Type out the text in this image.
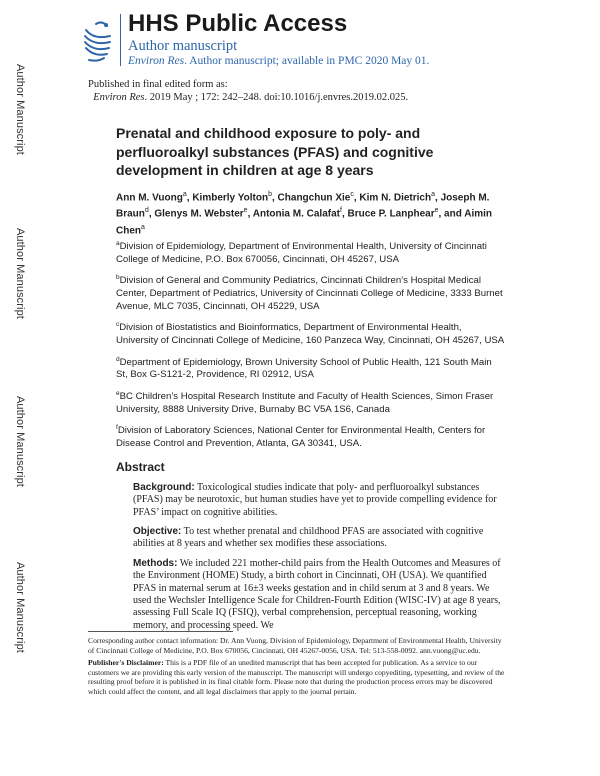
Author Manuscript
Author Manuscript
Author Manuscript
Author Manuscript
HHS Public Access
Author manuscript
Environ Res. Author manuscript; available in PMC 2020 May 01.
Published in final edited form as:
Environ Res. 2019 May ; 172: 242–248. doi:10.1016/j.envres.2019.02.025.
Prenatal and childhood exposure to poly- and perfluoroalkyl substances (PFAS) and cognitive development in children at age 8 years
Ann M. Vuong$^a$, Kimberly Yolton$^b$, Changchun Xie$^c$, Kim N. Dietrich$^a$, Joseph M. Braun$^d$, Glenys M. Webster$^e$, Antonia M. Calafat$^f$, Bruce P. Lanphear$^e$, and Aimin Chen$^a$
$^a$Division of Epidemiology, Department of Environmental Health, University of Cincinnati College of Medicine, P.O. Box 670056, Cincinnati, OH 45267, USA
$^b$Division of General and Community Pediatrics, Cincinnati Children’s Hospital Medical Center, Department of Pediatrics, University of Cincinnati College of Medicine, 3333 Burnet Avenue, MLC 7035, Cincinnati, OH 45229, USA
$^c$Division of Biostatistics and Bioinformatics, Department of Environmental Health, University of Cincinnati College of Medicine, 160 Panzeca Way, Cincinnati, OH 45267, USA
$^d$Department of Epidemiology, Brown University School of Public Health, 121 South Main St, Box G-S121-2, Providence, RI 02912, USA
$^e$BC Children’s Hospital Research Institute and Faculty of Health Sciences, Simon Fraser University, 8888 University Drive, Burnaby BC V5A 1S6, Canada
$^f$Division of Laboratory Sciences, National Center for Environmental Health, Centers for Disease Control and Prevention, Atlanta, GA 30341, USA.
Abstract
Background: Toxicological studies indicate that poly- and perfluoroalkyl substances (PFAS) may be neurotoxic, but human studies have yet to provide compelling evidence for PFAS’ impact on cognitive abilities.
Objective: To test whether prenatal and childhood PFAS are associated with cognitive abilities at 8 years and whether sex modifies these associations.
Methods: We included 221 mother-child pairs from the Health Outcomes and Measures of the Environment (HOME) Study, a birth cohort in Cincinnati, OH (USA). We quantified PFAS in maternal serum at 16±3 weeks gestation and in child serum at 3 and 8 years. We used the Wechsler Intelligence Scale for Children-Fourth Edition (WISC-IV) at age 8 years, assessing Full Scale IQ (FSIQ), verbal comprehension, perceptual reasoning, working memory, and processing speed. We

Corresponding author contact information: Dr. Ann Vuong, Division of Epidemiology, Department of Environmental Health, University of Cincinnati College of Medicine, P.O. Box 670056, Cincinnati, OH 45267-0056, USA. Tel: 513-558-0092. ann.vuong@uc.edu.

Publisher's Disclaimer: This is a PDF file of an unedited manuscript that has been accepted for publication. As a service to our customers we are providing this early version of the manuscript. The manuscript will undergo copyediting, typesetting, and review of the resulting proof before it is published in its final citable form. Please note that during the production process errors may be discovered which could affect the content, and all legal disclaimers that apply to the journal pertain.
